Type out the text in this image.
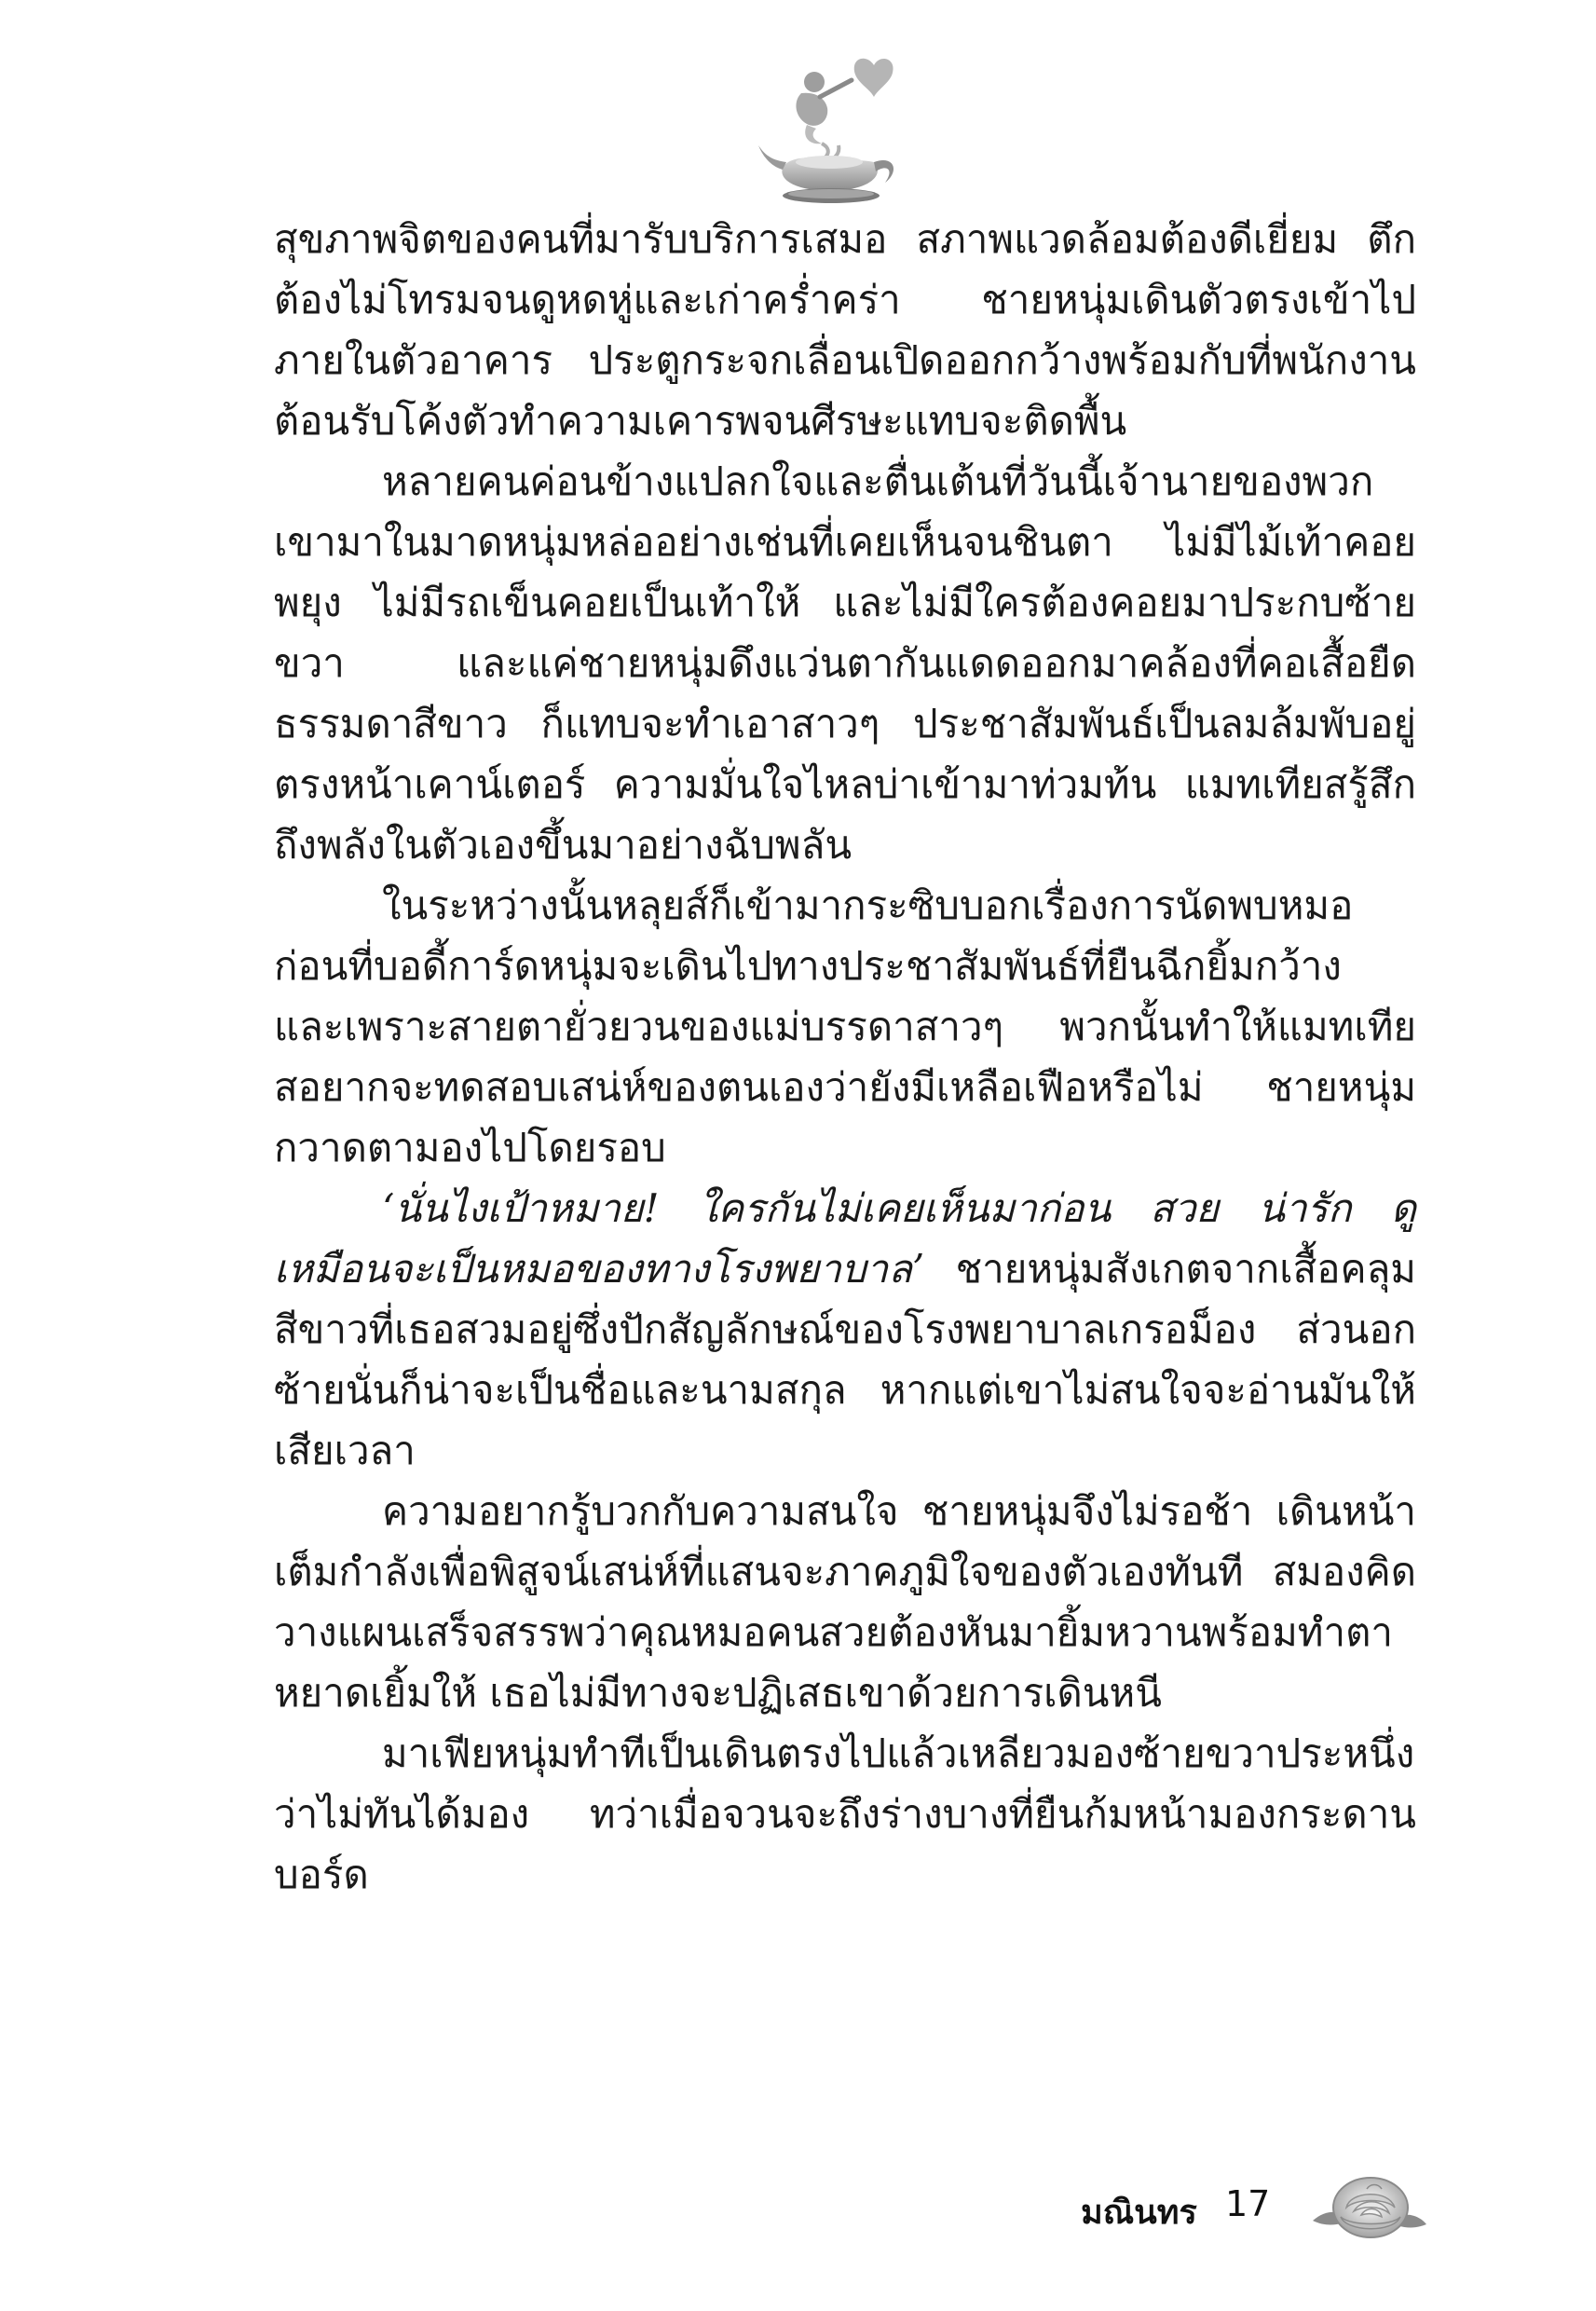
สุขภาพจิตของคนที่มารับบริการเสมอ สภาพแวดล้อมต้องดีเยี่ยม ตึกต้องไม่โทรมจนดูหดหู่และเก่าคร่ำคร่า ชายหนุ่มเดินตัวตรงเข้าไปภายในตัวอาคาร ประตูกระจกเลื่อนเปิดออกกว้างพร้อมกับที่พนักงานต้อนรับโค้งตัวทำความเคารพจนศีรษะแทบจะติดพื้น

หลายคนค่อนข้างแปลกใจและตื่นเต้นที่วันนี้เจ้านายของพวกเขามาในมาดหนุ่มหล่ออย่างเช่นที่เคยเห็นจนชินตา ไม่มีไม้เท้าคอยพยุง ไม่มีรถเข็นคอยเป็นเท้าให้ และไม่มีใครต้องคอยมาประกบซ้ายขวา และแค่ชายหนุ่มดึงแว่นตากันแดดออกมาคล้องที่คอเสื้อยืดธรรมดาสีขาว ก็แทบจะทำเอาสาวๆ ประชาสัมพันธ์เป็นลมล้มพับอยู่ตรงหน้าเคาน์เตอร์ ความมั่นใจไหลบ่าเข้ามาท่วมท้น แมทเทียสรู้สึกถึงพลังในตัวเองขึ้นมาอย่างฉับพลัน

ในระหว่างนั้นหลุยส์ก็เข้ามากระซิบบอกเรื่องการนัดพบหมอก่อนที่บอดี้การ์ดหนุ่มจะเดินไปทางประชาสัมพันธ์ที่ยืนฉีกยิ้มกว้าง และเพราะสายตายั่วยวนของแม่บรรดาสาวๆ พวกนั้นทำให้แมทเทียสอยากจะทดสอบเสน่ห์ของตนเองว่ายังมีเหลือเฟือหรือไม่ ชายหนุ่มกวาดตามองไปโดยรอบ

‘นั่นไงเป้าหมาย! ใครกันไม่เคยเห็นมาก่อน สวย น่ารัก ดูเหมือนจะเป็นหมอของทางโรงพยาบาล’ ชายหนุ่มสังเกตจากเสื้อคลุมสีขาวที่เธอสวมอยู่ซึ่งปักสัญลักษณ์ของโรงพยาบาลเกรอม็อง ส่วนอกซ้ายนั่นก็น่าจะเป็นชื่อและนามสกุล หากแต่เขาไม่สนใจจะอ่านมันให้เสียเวลา

ความอยากรู้บวกกับความสนใจ ชายหนุ่มจึงไม่รอช้า เดินหน้าเต็มกำลังเพื่อพิสูจน์เสน่ห์ที่แสนจะภาคภูมิใจของตัวเองทันที สมองคิดวางแผนเสร็จสรรพว่าคุณหมอคนสวยต้องหันมายิ้มหวานพร้อมทำตาหยาดเยิ้มให้ เธอไม่มีทางจะปฏิเสธเขาด้วยการเดินหนี

มาเฟียหนุ่มทำทีเป็นเดินตรงไปแล้วเหลียวมองซ้ายขวาประหนึ่งว่าไม่ทันได้มอง ทว่าเมื่อจวนจะถึงร่างบางที่ยืนก้มหน้ามองกระดานบอร์ด

มณินทร 17
